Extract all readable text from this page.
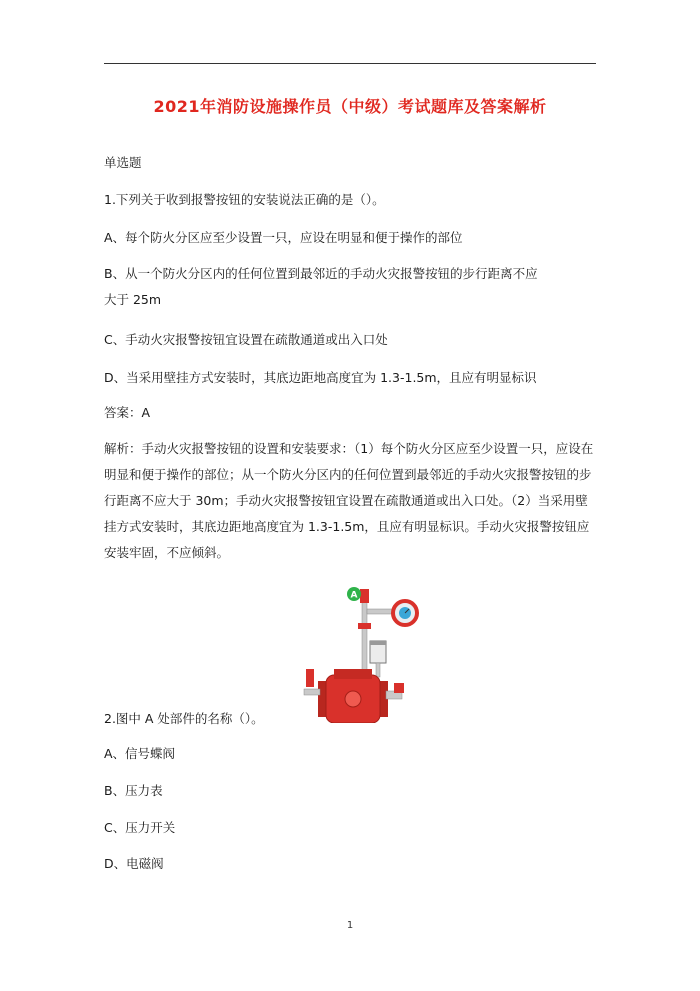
2021年消防设施操作员（中级）考试题库及答案解析
单选题
1.下列关于收到报警按钮的安装说法正确的是（）。
A、每个防火分区应至少设置一只，应设在明显和便于操作的部位
B、从一个防火分区内的任何位置到最邻近的手动火灾报警按钮的步行距离不应
大于 25m
C、手动火灾报警按钮宜设置在疏散通道或出入口处
D、当采用壁挂方式安装时，其底边距地高度宜为 1.3-1.5m，且应有明显标识
答案：A
解析：手动火灾报警按钮的设置和安装要求：（1）每个防火分区应至少设置一只，应设在明显和便于操作的部位；从一个防火分区内的任何位置到最邻近的手动火灾报警按钮的步行距离不应大于 30m；手动火灾报警按钮宜设置在疏散通道或出入口处。（2）当采用壁挂方式安装时，其底边距地高度宜为 1.3-1.5m，且应有明显标识。手动火灾报警按钮应安装牢固，不应倾斜。
A
2.图中 A 处部件的名称（）。
A、信号蝶阀
B、压力表
C、压力开关
D、电磁阀
1
